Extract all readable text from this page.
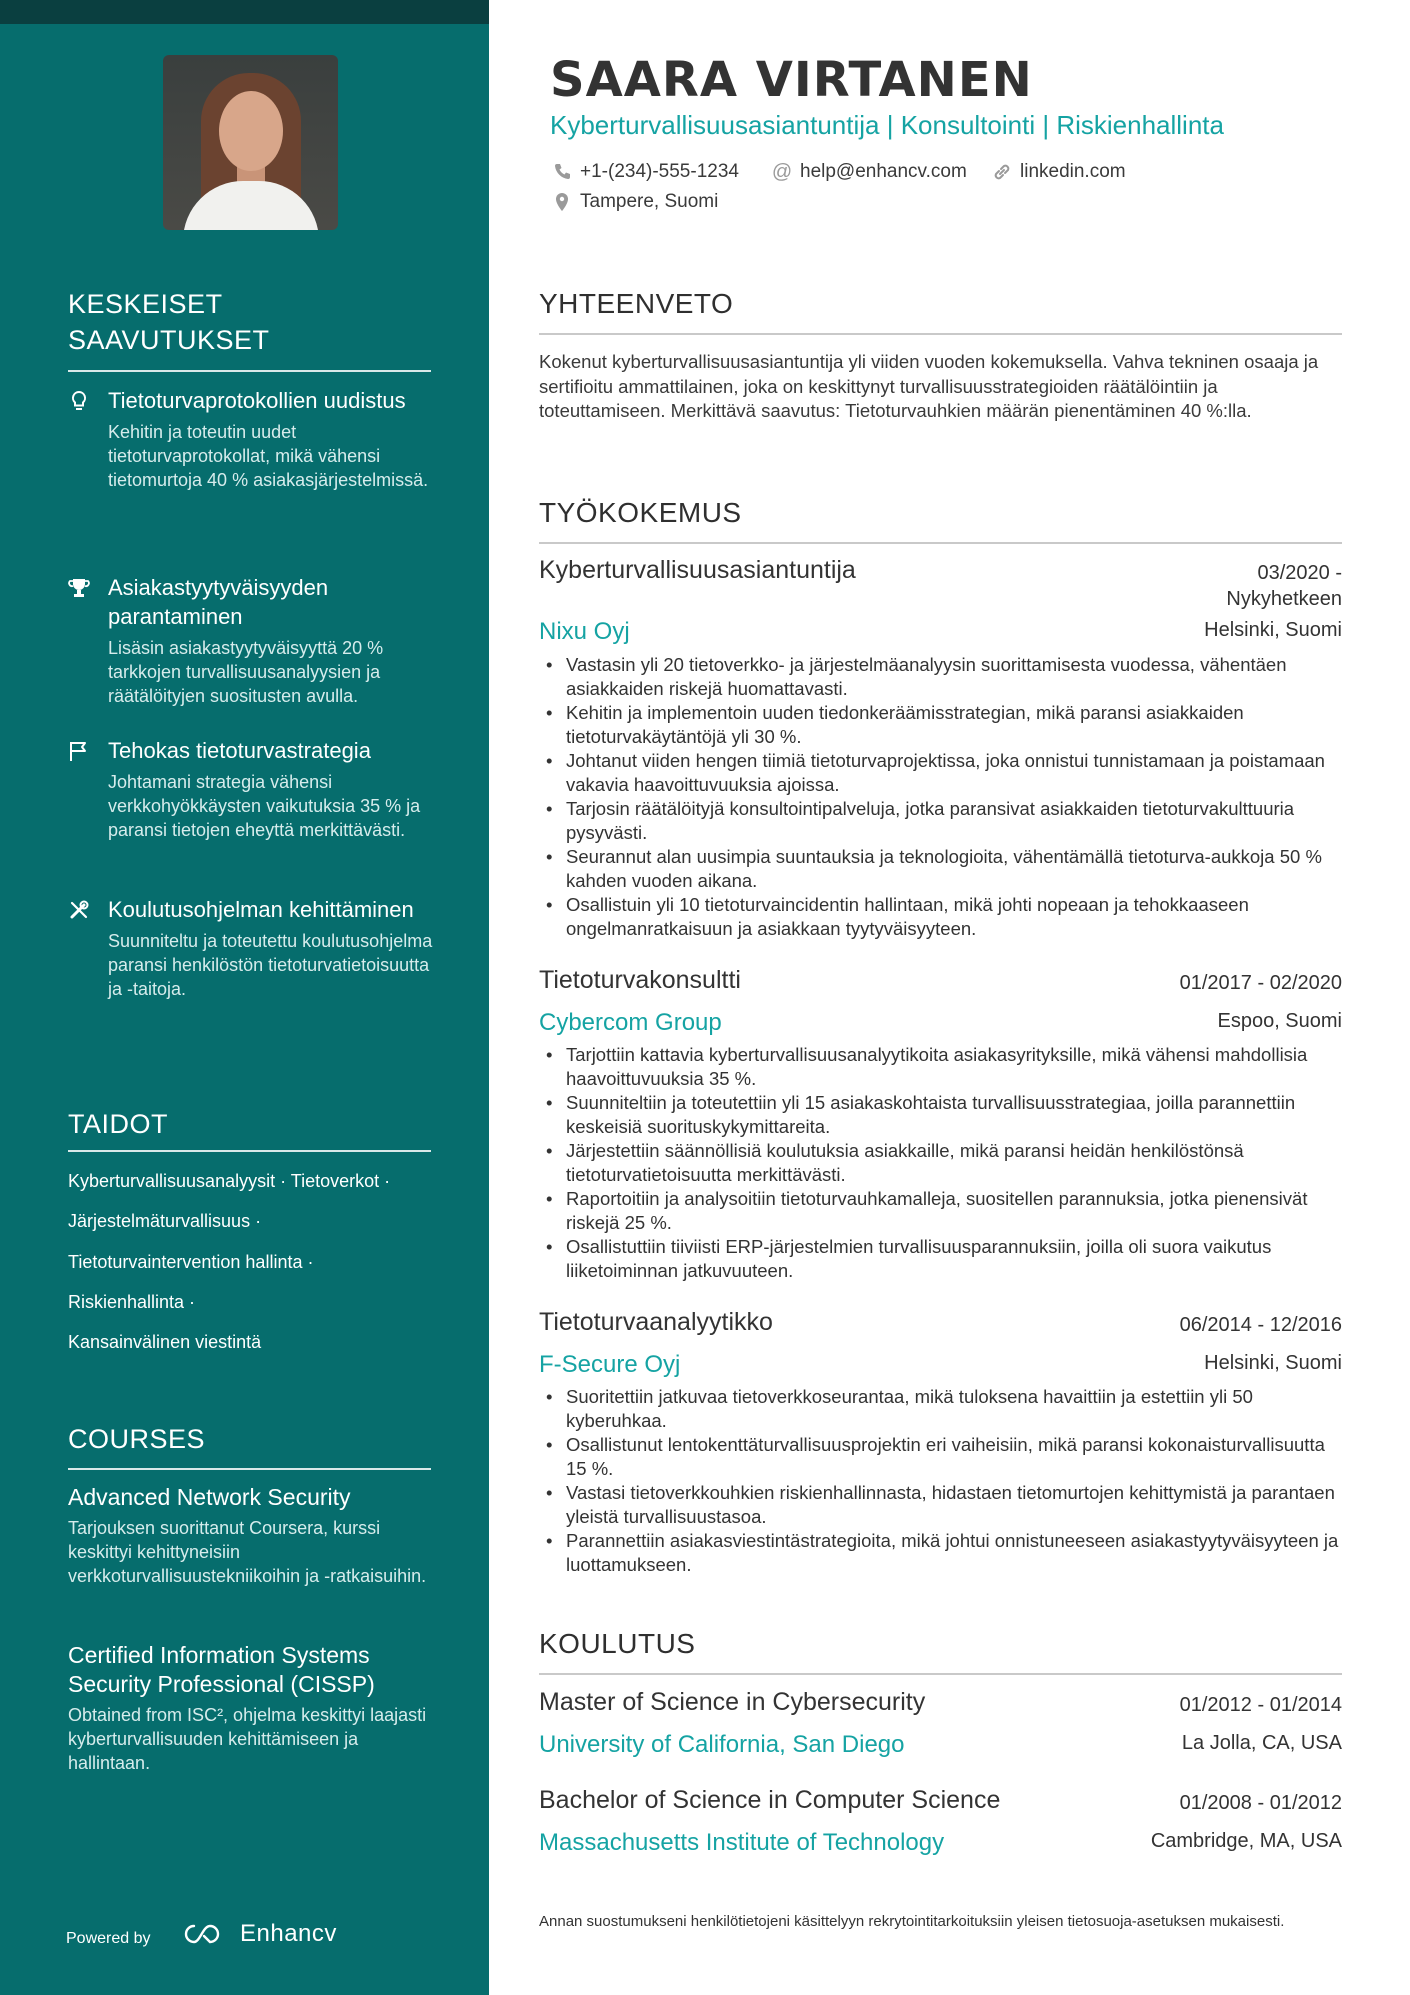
KESKEISET SAAVUTUKSET
Tietoturvaprotokollien uudistus
Kehitin ja toteutin uudet tietoturvaprotokollat, mikä vähensi tietomurtoja 40 % asiakasjärjestelmissä.
Asiakastyytyväisyyden parantaminen
Lisäsin asiakastyytyväisyyttä 20 % tarkkojen turvallisuusanalyysien ja räätälöityjen suositusten avulla.
Tehokas tietoturvastrategia
Johtamani strategia vähensi verkkohyökkäysten vaikutuksia 35 % ja paransi tietojen eheyttä merkittävästi.
Koulutusohjelman kehittäminen
Suunniteltu ja toteutettu koulutusohjelma paransi henkilöstön tietoturvatietoisuutta ja -taitoja.
TAIDOT
Kyberturvallisuusanalyysit · Tietoverkot ·
Järjestelmäturvallisuus ·
Tietoturvaintervention hallinta ·
Riskienhallinta ·
Kansainvälinen viestintä
COURSES
Advanced Network Security
Tarjouksen suorittanut Coursera, kurssi keskittyi kehittyneisiin verkkoturvallisuustekniikoihin ja -ratkaisuihin.
Certified Information Systems Security Professional (CISSP)
Obtained from ISC², ohjelma keskittyi laajasti kyberturvallisuuden kehittämiseen ja hallintaan.
Powered by	Enhancv
SAARA VIRTANEN
Kyberturvallisuusasiantuntija | Konsultointi | Riskienhallinta
+1-(234)-555-1234 @ help@enhancv.com	linkedin.com
Tampere, Suomi
YHTEENVETO
Kokenut kyberturvallisuusasiantuntija yli viiden vuoden kokemuksella. Vahva tekninen osaaja ja sertifioitu ammattilainen, joka on keskittynyt turvallisuusstrategioiden räätälöintiin ja toteuttamiseen. Merkittävä saavutus: Tietoturvauhkien määrän pienentäminen 40 %:lla.
TYÖKOKEMUS
Kyberturvallisuusasiantuntija	03/2020 -
Nykyhetkeen
Nixu Oyj	Helsinki, Suomi
• Vastasin yli 20 tietoverkko- ja järjestelmäanalyysin suorittamisesta vuodessa, vähentäen asiakkaiden riskejä huomattavasti.
• Kehitin ja implementoin uuden tiedonkeräämisstrategian, mikä paransi asiakkaiden tietoturvakäytäntöjä yli 30 %.
• Johtanut viiden hengen tiimiä tietoturvaprojektissa, joka onnistui tunnistamaan ja poistamaan vakavia haavoittuvuuksia ajoissa.
• Tarjosin räätälöityjä konsultointipalveluja, jotka paransivat asiakkaiden tietoturvakulttuuria pysyvästi.
• Seurannut alan uusimpia suuntauksia ja teknologioita, vähentämällä tietoturva-aukkoja 50 % kahden vuoden aikana.
• Osallistuin yli 10 tietoturvaincidentin hallintaan, mikä johti nopeaan ja tehokkaaseen ongelmanratkaisuun ja asiakkaan tyytyväisyyteen.
Tietoturvakonsultti	01/2017 - 02/2020
Cybercom Group	Espoo, Suomi
• Tarjottiin kattavia kyberturvallisuusanalyytikoita asiakasyrityksille, mikä vähensi mahdollisia haavoittuvuuksia 35 %.
• Suunniteltiin ja toteutettiin yli 15 asiakaskohtaista turvallisuusstrategiaa, joilla parannettiin keskeisiä suorituskykymittareita.
• Järjestettiin säännöllisiä koulutuksia asiakkaille, mikä paransi heidän henkilöstönsä tietoturvatietoisuutta merkittävästi.
• Raportoitiin ja analysoitiin tietoturvauhkamalleja, suositellen parannuksia, jotka pienensivät riskejä 25 %.
• Osallistuttiin tiiviisti ERP-järjestelmien turvallisuusparannuksiin, joilla oli suora vaikutus liiketoiminnan jatkuvuuteen.
Tietoturvaanalyytikko	06/2014 - 12/2016
F-Secure Oyj	Helsinki, Suomi
• Suoritettiin jatkuvaa tietoverkkoseurantaa, mikä tuloksena havaittiin ja estettiin yli 50 kyberuhkaa.
• Osallistunut lentokenttäturvallisuusprojektin eri vaiheisiin, mikä paransi kokonaisturvallisuutta 15 %.
• Vastasi tietoverkkouhkien riskienhallinnasta, hidastaen tietomurtojen kehittymistä ja parantaen yleistä turvallisuustasoa.
• Parannettiin asiakasviestintästrategioita, mikä johtui onnistuneeseen asiakastyytyväisyyteen ja luottamukseen.
KOULUTUS
Master of Science in Cybersecurity	01/2012 - 01/2014
University of California, San Diego	La Jolla, CA, USA
Bachelor of Science in Computer Science	01/2008 - 01/2012
Massachusetts Institute of Technology	Cambridge, MA, USA
Annan suostumukseni henkilötietojeni käsittelyyn rekrytointitarkoituksiin yleisen tietosuoja-asetuksen mukaisesti.
